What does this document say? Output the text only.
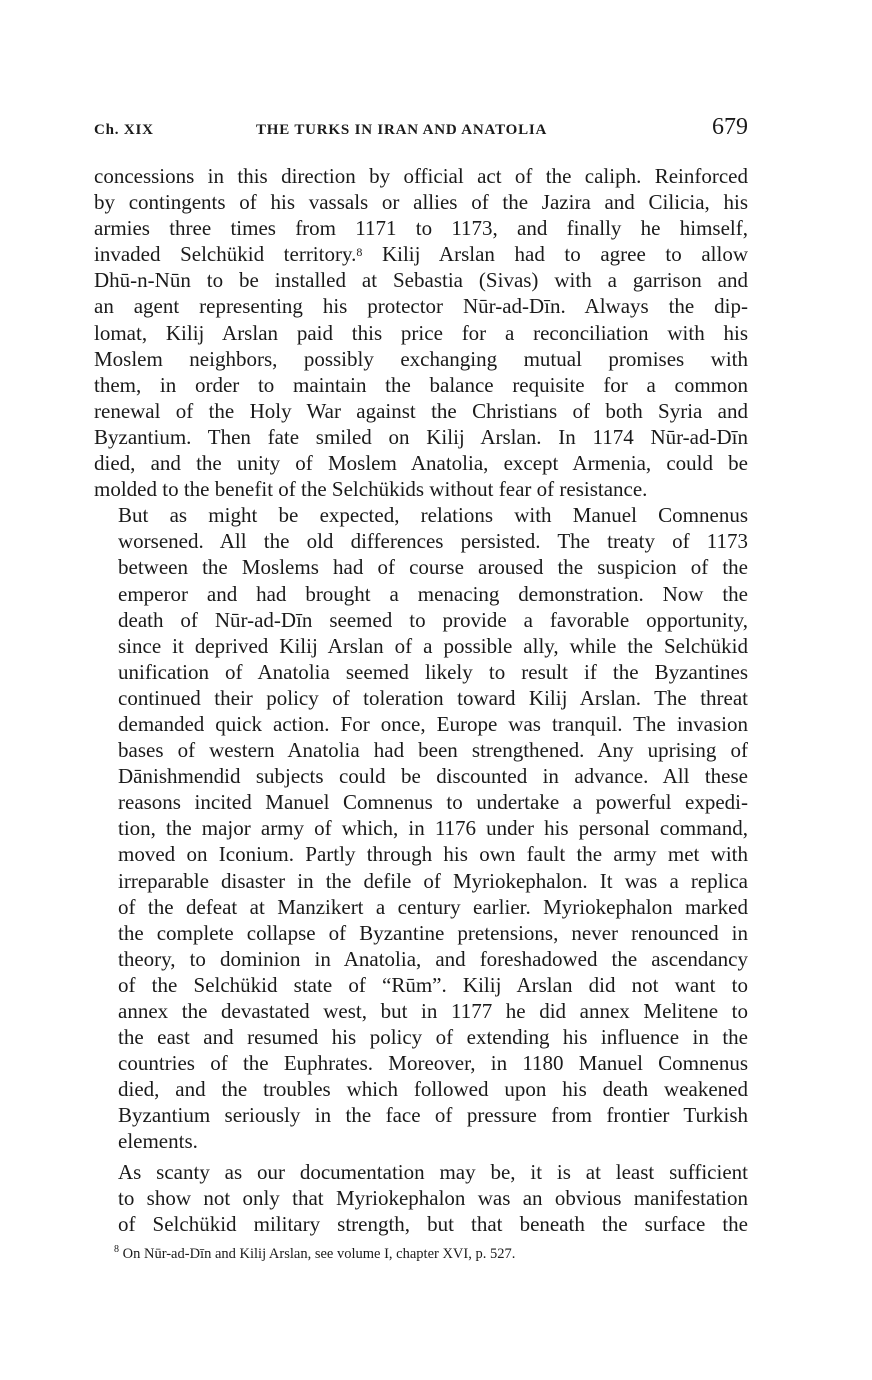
Ch. XIX	THE TURKS IN IRAN AND ANATOLIA	679

concessions in this direction by official act of the caliph. Reinforced
by contingents of his vassals or allies of the Jazira and Cilicia, his
armies three times from 1171 to 1173, and finally he himself,
invaded Selchükid territory.$^8$ Kilij Arslan had to agree to allow
Dhū-n-Nūn to be installed at Sebastia (Sivas) with a garrison and
an agent representing his protector Nūr-ad-Dīn. Always the dip-
lomat, Kilij Arslan paid this price for a reconciliation with his
Moslem neighbors, possibly exchanging mutual promises with
them, in order to maintain the balance requisite for a common
renewal of the Holy War against the Christians of both Syria and
Byzantium. Then fate smiled on Kilij Arslan. In 1174 Nūr-ad-Dīn
died, and the unity of Moslem Anatolia, except Armenia, could be
molded to the benefit of the Selchükids without fear of resistance.

But as might be expected, relations with Manuel Comnenus
worsened. All the old differences persisted. The treaty of 1173
between the Moslems had of course aroused the suspicion of the
emperor and had brought a menacing demonstration. Now the
death of Nūr-ad-Dīn seemed to provide a favorable opportunity,
since it deprived Kilij Arslan of a possible ally, while the Selchükid
unification of Anatolia seemed likely to result if the Byzantines
continued their policy of toleration toward Kilij Arslan. The threat
demanded quick action. For once, Europe was tranquil. The invasion
bases of western Anatolia had been strengthened. Any uprising of
Dānishmendid subjects could be discounted in advance. All these
reasons incited Manuel Comnenus to undertake a powerful expedi-
tion, the major army of which, in 1176 under his personal command,
moved on Iconium. Partly through his own fault the army met with
irreparable disaster in the defile of Myriokephalon. It was a replica
of the defeat at Manzikert a century earlier. Myriokephalon marked
the complete collapse of Byzantine pretensions, never renounced in
theory, to dominion in Anatolia, and foreshadowed the ascendancy
of the Selchükid state of “Rūm”. Kilij Arslan did not want to
annex the devastated west, but in 1177 he did annex Melitene to
the east and resumed his policy of extending his influence in the
countries of the Euphrates. Moreover, in 1180 Manuel Comnenus
died, and the troubles which followed upon his death weakened
Byzantium seriously in the face of pressure from frontier Turkish
elements.

As scanty as our documentation may be, it is at least sufficient
to show not only that Myriokephalon was an obvious manifestation
of Selchükid military strength, but that beneath the surface the

$^8$ On Nūr-ad-Dīn and Kilij Arslan, see volume I, chapter XVI, p. 527.
